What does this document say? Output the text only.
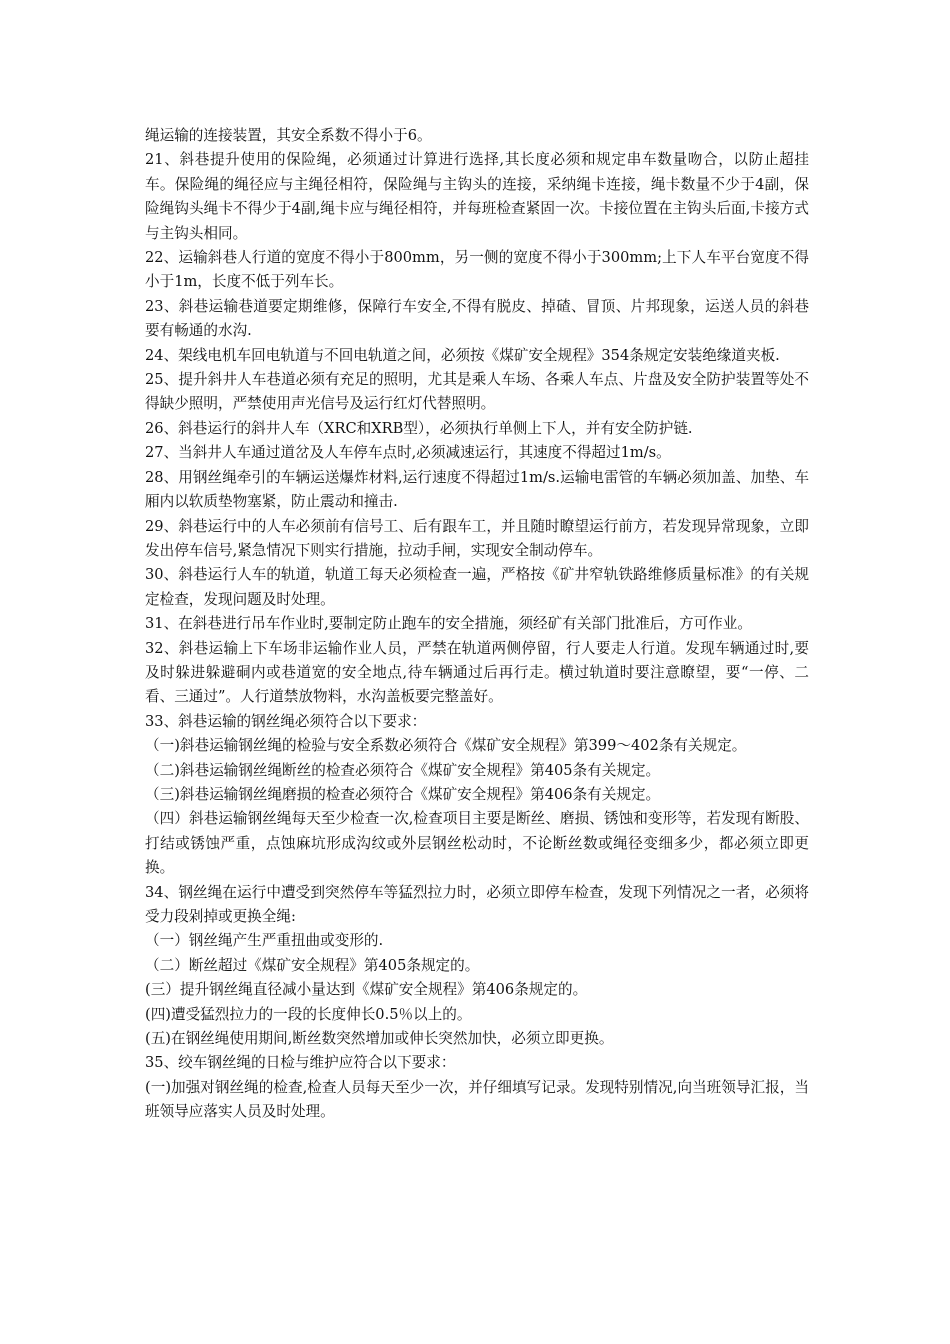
绳运输的连接装置，其安全系数不得小于6。

21、斜巷提升使用的保险绳，必须通过计算进行选择,其长度必须和规定串车数量吻合，以防止超挂车。保险绳的绳径应与主绳径相符，保险绳与主钩头的连接，采纳绳卡连接，绳卡数量不少于4副，保险绳钩头绳卡不得少于4副,绳卡应与绳径相符，并每班检查紧固一次。卡接位置在主钩头后面,卡接方式与主钩头相同。

22、运输斜巷人行道的宽度不得小于800mm，另一侧的宽度不得小于300mm;上下人车平台宽度不得小于1m，长度不低于列车长。

23、斜巷运输巷道要定期维修，保障行车安全,不得有脱皮、掉碴、冒顶、片邦现象，运送人员的斜巷要有畅通的水沟.

24、架线电机车回电轨道与不回电轨道之间，必须按《煤矿安全规程》354条规定安装绝缘道夹板.

25、提升斜井人车巷道必须有充足的照明，尤其是乘人车场、各乘人车点、片盘及安全防护装置等处不得缺少照明，严禁使用声光信号及运行红灯代替照明。

26、斜巷运行的斜井人车（XRC和XRB型），必须执行单侧上下人，并有安全防护链.

27、当斜井人车通过道岔及人车停车点时,必须减速运行，其速度不得超过1m/s。

28、用钢丝绳牵引的车辆运送爆炸材料,运行速度不得超过1m/s.运输电雷管的车辆必须加盖、加垫、车厢内以软质垫物塞紧，防止震动和撞击.

29、斜巷运行中的人车必须前有信号工、后有跟车工，并且随时瞭望运行前方，若发现异常现象，立即发出停车信号,紧急情况下则实行措施，拉动手闸，实现安全制动停车。

30、斜巷运行人车的轨道，轨道工每天必须检查一遍，严格按《矿井窄轨铁路维修质量标准》的有关规定检查，发现问题及时处理。

31、在斜巷进行吊车作业时,要制定防止跑车的安全措施，须经矿有关部门批准后，方可作业。

32、斜巷运输上下车场非运输作业人员，严禁在轨道两侧停留，行人要走人行道。发现车辆通过时,要及时躲进躲避硐内或巷道宽的安全地点,待车辆通过后再行走。横过轨道时要注意瞭望，要“一停、二看、三通过”。人行道禁放物料，水沟盖板要完整盖好。

33、斜巷运输的钢丝绳必须符合以下要求：

（一)斜巷运输钢丝绳的检验与安全系数必须符合《煤矿安全规程》第399～402条有关规定。

（二)斜巷运输钢丝绳断丝的检查必须符合《煤矿安全规程》第405条有关规定。

（三)斜巷运输钢丝绳磨损的检查必须符合《煤矿安全规程》第406条有关规定。

（四）斜巷运输钢丝绳每天至少检查一次,检查项目主要是断丝、磨损、锈蚀和变形等，若发现有断股、打结或锈蚀严重，点蚀麻坑形成沟纹或外层钢丝松动时，不论断丝数或绳径变细多少，都必须立即更换。

34、钢丝绳在运行中遭受到突然停车等猛烈拉力时，必须立即停车检查，发现下列情况之一者，必须将受力段剁掉或更换全绳:

（一）钢丝绳产生严重扭曲或变形的.

（二）断丝超过《煤矿安全规程》第405条规定的。

(三）提升钢丝绳直径减小量达到《煤矿安全规程》第406条规定的。

(四)遭受猛烈拉力的一段的长度伸长0.5％以上的。

(五)在钢丝绳使用期间,断丝数突然增加或伸长突然加快，必须立即更换。

35、绞车钢丝绳的日检与维护应符合以下要求：

(一)加强对钢丝绳的检查,检查人员每天至少一次，并仔细填写记录。发现特别情况,向当班领导汇报，当班领导应落实人员及时处理。
